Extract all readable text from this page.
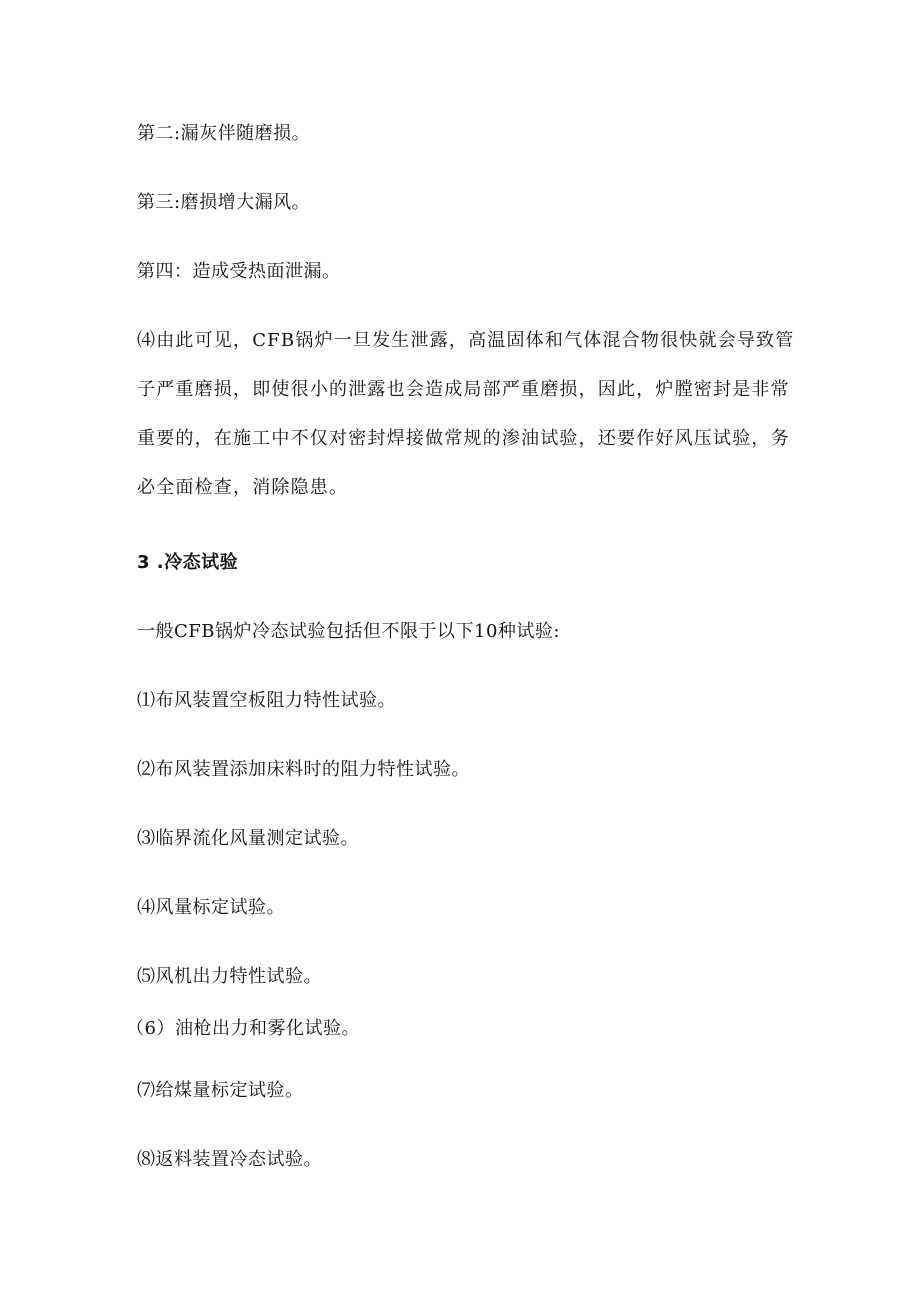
第二:漏灰伴随磨损。
第三:磨损增大漏风。
第四：造成受热面泄漏。
⑷由此可见，CFB锅炉一旦发生泄露，高温固体和气体混合物很快就会导致管
子严重磨损，即使很小的泄露也会造成局部严重磨损，因此，炉膛密封是非常
重要的，在施工中不仅对密封焊接做常规的渗油试验，还要作好风压试验，务
必全面检查，消除隐患。
3 .冷态试验
一般CFB锅炉冷态试验包括但不限于以下10种试验:
⑴布风装置空板阻力特性试验。
⑵布风装置添加床料时的阻力特性试验。
⑶临界流化风量测定试验。
⑷风量标定试验。
⑸风机出力特性试验。
（6）油枪出力和雾化试验。
⑺给煤量标定试验。
⑻返料装置冷态试验。
